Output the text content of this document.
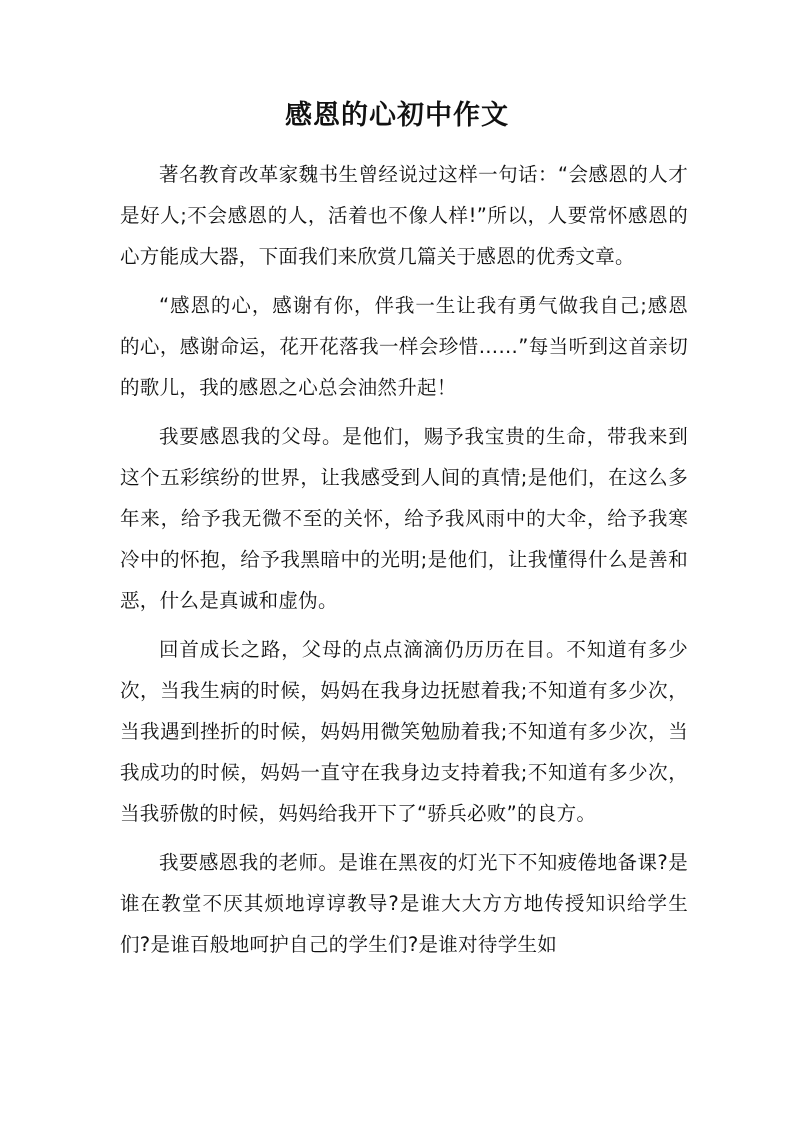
感恩的心初中作文

著名教育改革家魏书生曾经说过这样一句话：“会感恩的人才是好人;不会感恩的人，活着也不像人样!”所以，人要常怀感恩的心方能成大器，下面我们来欣赏几篇关于感恩的优秀文章。

“感恩的心，感谢有你，伴我一生让我有勇气做我自己;感恩的心，感谢命运，花开花落我一样会珍惜……”每当听到这首亲切的歌儿，我的感恩之心总会油然升起！

我要感恩我的父母。是他们，赐予我宝贵的生命，带我来到这个五彩缤纷的世界，让我感受到人间的真情;是他们，在这么多年来，给予我无微不至的关怀，给予我风雨中的大伞，给予我寒冷中的怀抱，给予我黑暗中的光明;是他们，让我懂得什么是善和恶，什么是真诚和虚伪。

回首成长之路，父母的点点滴滴仍历历在目。不知道有多少次，当我生病的时候，妈妈在我身边抚慰着我;不知道有多少次，当我遇到挫折的时候，妈妈用微笑勉励着我;不知道有多少次，当我成功的时候，妈妈一直守在我身边支持着我;不知道有多少次，当我骄傲的时候，妈妈给我开下了“骄兵必败”的良方。

我要感恩我的老师。是谁在黑夜的灯光下不知疲倦地备课?是谁在教堂不厌其烦地谆谆教导?是谁大大方方地传授知识给学生们?是谁百般地呵护自己的学生们?是谁对待学生如
